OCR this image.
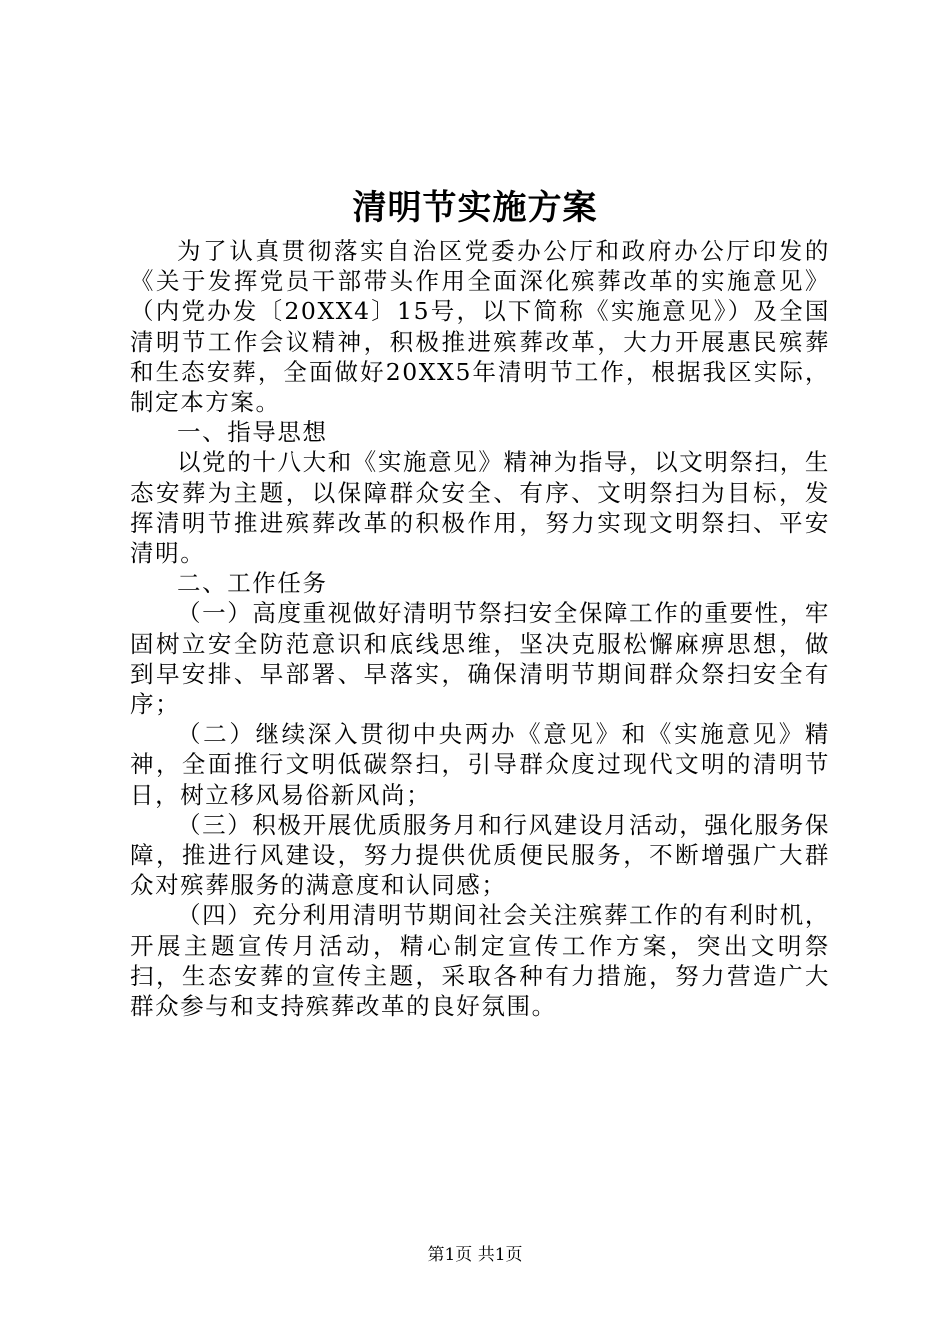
清明节实施方案

为了认真贯彻落实自治区党委办公厅和政府办公厅印发的《关于发挥党员干部带头作用全面深化殡葬改革的实施意见》（内党办发〔20XX4〕15号，以下简称《实施意见》）及全国清明节工作会议精神，积极推进殡葬改革，大力开展惠民殡葬和生态安葬，全面做好20XX5年清明节工作，根据我区实际，制定本方案。

一、指导思想

以党的十八大和《实施意见》精神为指导，以文明祭扫，生态安葬为主题，以保障群众安全、有序、文明祭扫为目标，发挥清明节推进殡葬改革的积极作用，努力实现文明祭扫、平安清明。

二、工作任务

（一）高度重视做好清明节祭扫安全保障工作的重要性，牢固树立安全防范意识和底线思维，坚决克服松懈麻痹思想，做到早安排、早部署、早落实，确保清明节期间群众祭扫安全有序；

（二）继续深入贯彻中央两办《意见》和《实施意见》精神，全面推行文明低碳祭扫，引导群众度过现代文明的清明节日，树立移风易俗新风尚；

（三）积极开展优质服务月和行风建设月活动，强化服务保障，推进行风建设，努力提供优质便民服务，不断增强广大群众对殡葬服务的满意度和认同感；

（四）充分利用清明节期间社会关注殡葬工作的有利时机，开展主题宣传月活动，精心制定宣传工作方案，突出文明祭扫，生态安葬的宣传主题，采取各种有力措施，努力营造广大群众参与和支持殡葬改革的良好氛围。

第1页 共1页
